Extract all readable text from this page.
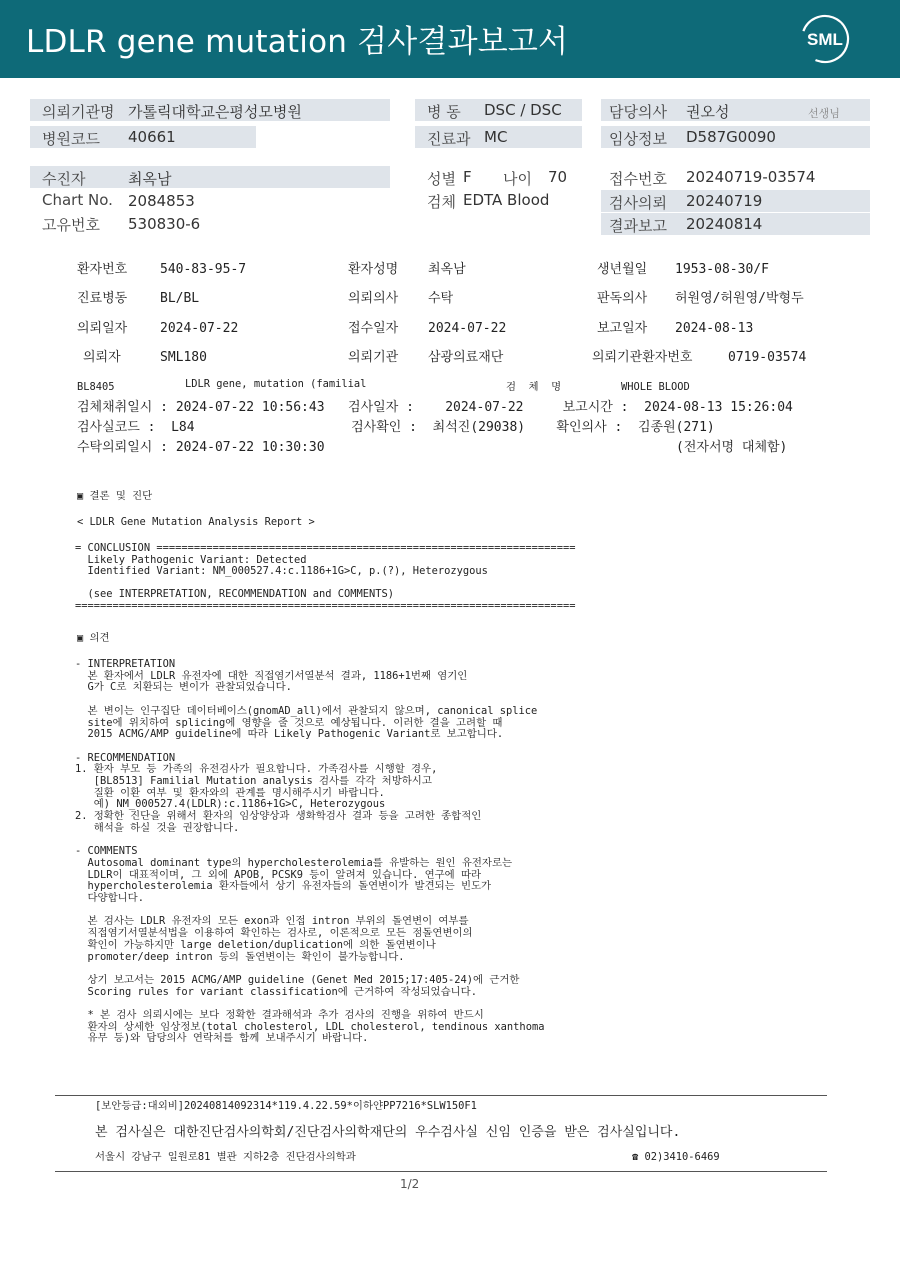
LDLR gene mutation 검사결과보고서	SML
의뢰기관명 가톨릭대학교은평성모병원	병 동 DSC / DSC	담당의사 권오성	선생님
병원코드 40661	진료과 MC	임상정보 D587G0090
수진자	최옥남	성별 F 나이 70	접수번호 20240719-03574
Chart No. 2084853	검체 EDTA Blood	검사의뢰 20240719
고유번호 530830-6	결과보고 20240814
환자번호	540-83-95-7	환자성명 최옥남	생년월일 1953-08-30/F
진료병동	BL/BL	의뢰의사 수탁	판독의사 허원영/허원영/박형두
의뢰일자	2024-07-22	접수일자 2024-07-22	보고일자 2024-08-13
의뢰자	SML180	의뢰기관 삼광의료재단	의뢰기관환자번호	0719-03574
BL8405	LDLR gene, mutation (familial	검  체  명	WHOLE BLOOD
검체채취일시 : 2024-07-22 10:56:43   검사일자 :    2024-07-22     보고시간 :  2024-08-13 15:26:04
검사실코드 :  L84                    검사확인 :  최석진(29038)    확인의사 :  김종원(271)
수탁의뢰일시 : 2024-07-22 10:30:30	(전자서명 대체함)
▣ 결론 및 진단
< LDLR Gene Mutation Analysis Report >
= CONCLUSION ===================================================================
Likely Pathogenic Variant: Detected
Identified Variant: NM_000527.4:c.1186+1G>C, p.(?), Heterozygous
(see INTERPRETATION, RECOMMENDATION and COMMENTS)
================================================================================
▣ 의견
- INTERPRETATION
본 환자에서 LDLR 유전자에 대한 직접염기서열분석 결과, 1186+1번째 염기인
G가 C로 치환되는 변이가 관찰되었습니다.
본 변이는 인구집단 데이터베이스(gnomAD_all)에서 관찰되지 않으며, canonical splice
site에 위치하여 splicing에 영향을 줄 것으로 예상됩니다. 이러한 결을 고려할 때
2015 ACMG/AMP guideline에 따라 Likely Pathogenic Variant로 보고합니다.
- RECOMMENDATION
1. 환자 부모 등 가족의 유전검사가 필요합니다. 가족검사를 시행할 경우,
[BL8513] Familial Mutation analysis 검사를 각각 처방하시고
질환 이환 여부 및 환자와의 관계를 명시해주시기 바랍니다.
예) NM_000527.4(LDLR):c.1186+1G>C, Heterozygous
2. 정확한 진단을 위해서 환자의 임상양상과 생화학검사 결과 등을 고려한 종합적인
해석을 하실 것을 권장합니다.
- COMMENTS
Autosomal dominant type의 hypercholesterolemia를 유발하는 원인 유전자로는
LDLR이 대표적이며, 그 외에 APOB, PCSK9 등이 알려져 있습니다. 연구에 따라
hypercholesterolemia 환자들에서 상기 유전자들의 돌연변이가 발견되는 빈도가
다양합니다.
본 검사는 LDLR 유전자의 모든 exon과 인접 intron 부위의 돌연변이 여부를
직접염기서열분석법을 이용하여 확인하는 검사로, 이론적으로 모든 점돌연변이의
확인이 가능하지만 large deletion/duplication에 의한 돌연변이나
promoter/deep intron 등의 돌연변이는 확인이 불가능합니다.
상기 보고서는 2015 ACMG/AMP guideline (Genet Med 2015;17:405-24)에 근거한
Scoring rules for variant classification에 근거하여 작성되었습니다.
* 본 검사 의뢰시에는 보다 정확한 결과해석과 추가 검사의 진행을 위하여 반드시
환자의 상세한 임상정보(total cholesterol, LDL cholesterol, tendinous xanthoma
유무 등)와 담당의사 연락처를 함께 보내주시기 바랍니다.
[보안등급:대외비]20240814092314*119.4.22.59*이하얀PP7216*SLW150F1
본 검사실은 대한진단검사의학회/진단검사의학재단의 우수검사실 신임 인증을 받은 검사실입니다.
서울시 강남구 일원로81 별관 지하2층 진단검사의학과	☎ 02)3410-6469
1/2
